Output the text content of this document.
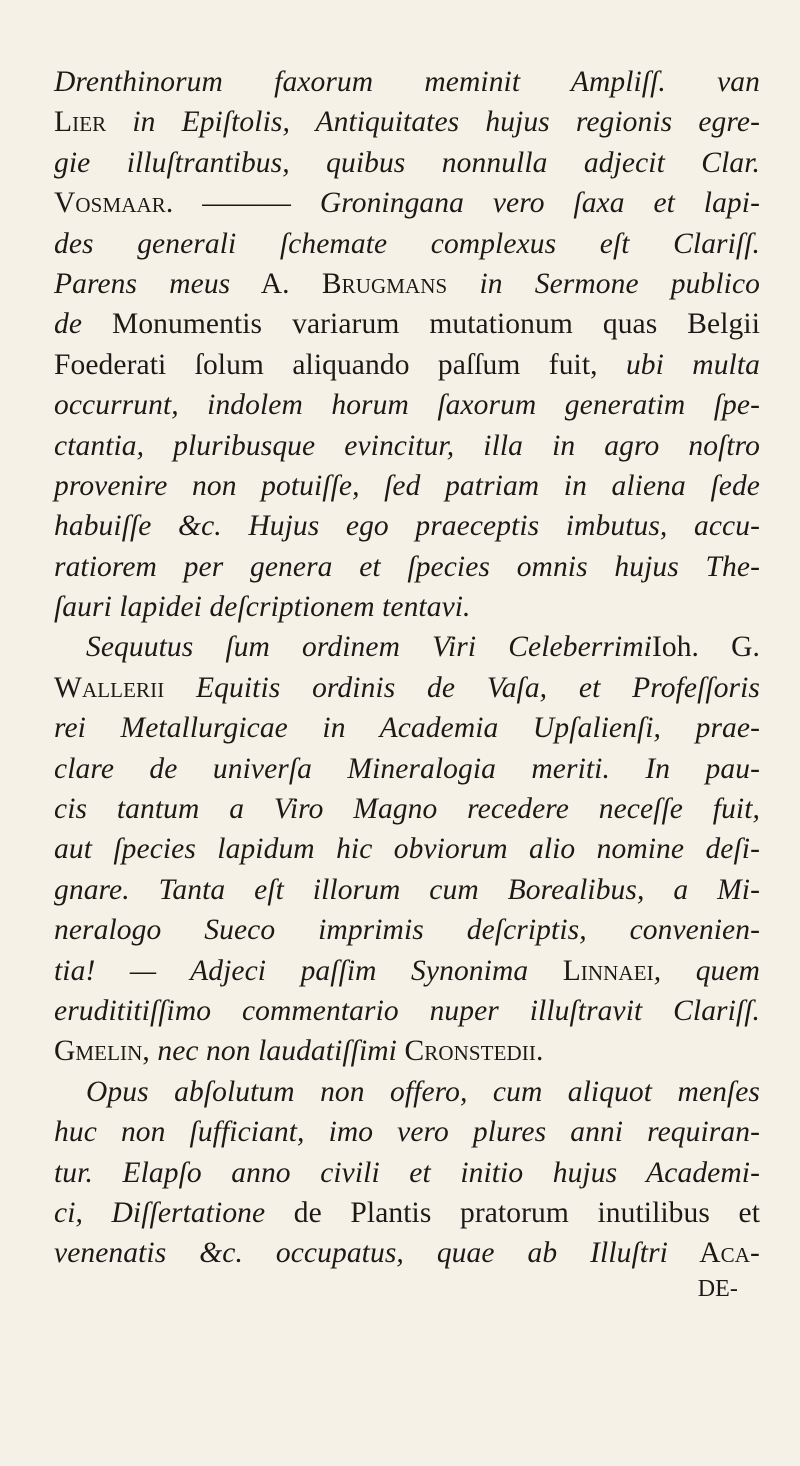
Drenthinorum faxorum meminit Ampliſſ. van
Lier in Epiſtolis, Antiquitates hujus regionis egre-
gie illuſtrantibus, quibus nonnulla adjecit Clar.
Vosmaar. ——— Groningana vero ſaxa et lapi-
des generali ſchemate complexus eſt Clariſſ.
Parens meus A. Brugmans in Sermone publico
de Monumentis variarum mutationum quas Belgii
Foederati ſolum aliquando paſſum fuit, ubi multa
occurrunt, indolem horum ſaxorum generatim ſpe-
ctantia, pluribusque evincitur, illa in agro noſtro
provenire non potuiſſe, ſed patriam in aliena ſede
habuiſſe &c. Hujus ego praeceptis imbutus, accu-
ratiorem per genera et ſpecies omnis hujus The-
ſauri lapidei deſcriptionem tentavi.
Sequutus ſum ordinem Viri CeleberrimiIoh. G.
Wallerii Equitis ordinis de Vaſa, et Profeſſoris
rei Metallurgicae in Academia Upſalienſi, prae-
clare de univerſa Mineralogia meriti. In pau-
cis tantum a Viro Magno recedere neceſſe fuit,
aut ſpecies lapidum hic obviorum alio nomine deſi-
gnare. Tanta eſt illorum cum Borealibus, a Mi-
neralogo Sueco imprimis deſcriptis, convenien-
tia! — Adjeci paſſim Synonima Linnaei, quem
erudititiſſimo commentario nuper illuſtravit Clariſſ.
Gmelin, nec non laudatiſſimi Cronstedii.
Opus abſolutum non offero, cum aliquot menſes
huc non ſufficiant, imo vero plures anni requiran-
tur. Elapſo anno civili et initio hujus Academi-
ci, Diſſertatione de Plantis pratorum inutilibus et
venenatis &c. occupatus, quae ab Illuſtri Aca-
DE-
